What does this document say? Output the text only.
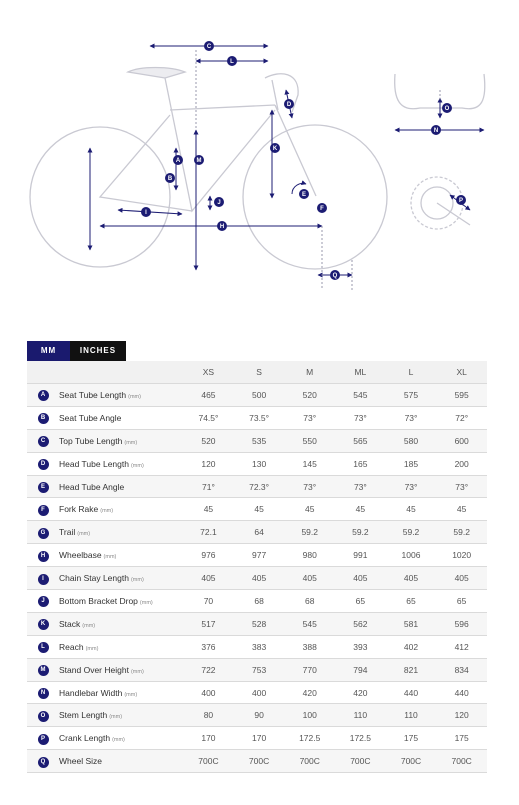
A
B
C
D
E
F
H
I
J
K
L
M
N
O
P
Q
MM	INCHES
		XS	S	M	ML	L	XL
A	Seat Tube Length (mm)	465	500	520	545	575	595
B	Seat Tube Angle	74.5°	73.5°	73°	73°	73°	72°
C	Top Tube Length (mm)	520	535	550	565	580	600
D	Head Tube Length (mm)	120	130	145	165	185	200
E	Head Tube Angle	71°	72.3°	73°	73°	73°	73°
F	Fork Rake (mm)	45	45	45	45	45	45
G	Trail (mm)	72.1	64	59.2	59.2	59.2	59.2
H	Wheelbase (mm)	976	977	980	991	1006	1020
I	Chain Stay Length (mm)	405	405	405	405	405	405
J	Bottom Bracket Drop (mm)	70	68	68	65	65	65
K	Stack (mm)	517	528	545	562	581	596
L	Reach (mm)	376	383	388	393	402	412
M	Stand Over Height (mm)	722	753	770	794	821	834
N	Handlebar Width (mm)	400	400	420	420	440	440
O	Stem Length (mm)	80	90	100	110	110	120
P	Crank Length (mm)	170	170	172.5	172.5	175	175
Q	Wheel Size	700C	700C	700C	700C	700C	700C
